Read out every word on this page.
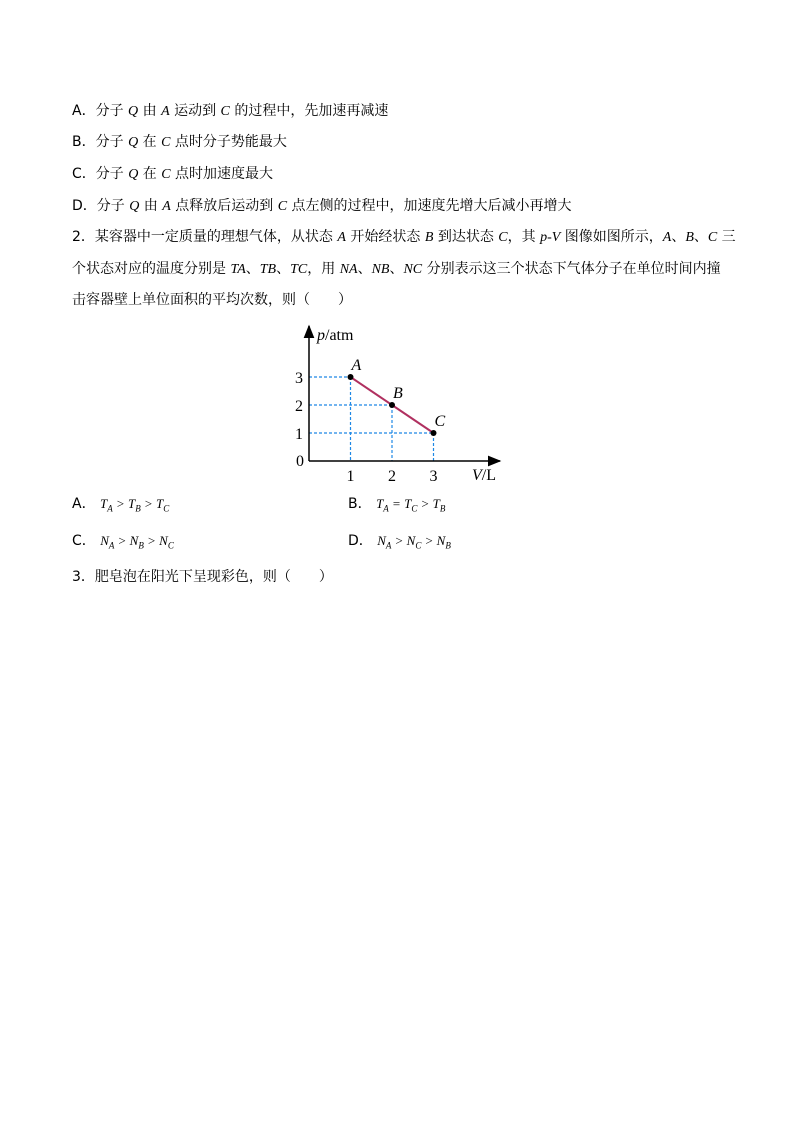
A．分子 Q 由 A 运动到 C 的过程中，先加速再减速
B．分子 Q 在 C 点时分子势能最大
C．分子 Q 在 C 点时加速度最大
D．分子 Q 由 A 点释放后运动到 C 点左侧的过程中，加速度先增大后减小再增大
2．某容器中一定质量的理想气体，从状态 A 开始经状态 B 到达状态 C，其 p-V 图像如图所示，A、B、C 三
个状态对应的温度分别是 TA、TB、TC，用 NA、NB、NC 分别表示这三个状态下气体分子在单位时间内撞
击容器壁上单位面积的平均次数，则（　　）
A
B
C
1 2 3
1
2
3
p/atm
V/L
0
A． $T_A > T_B > T_C$	B． $T_A = T_C > T_B$
C． $N_A > N_B > N_C$	D． $N_A > N_C > N_B$
3．肥皂泡在阳光下呈现彩色，则（　　）
